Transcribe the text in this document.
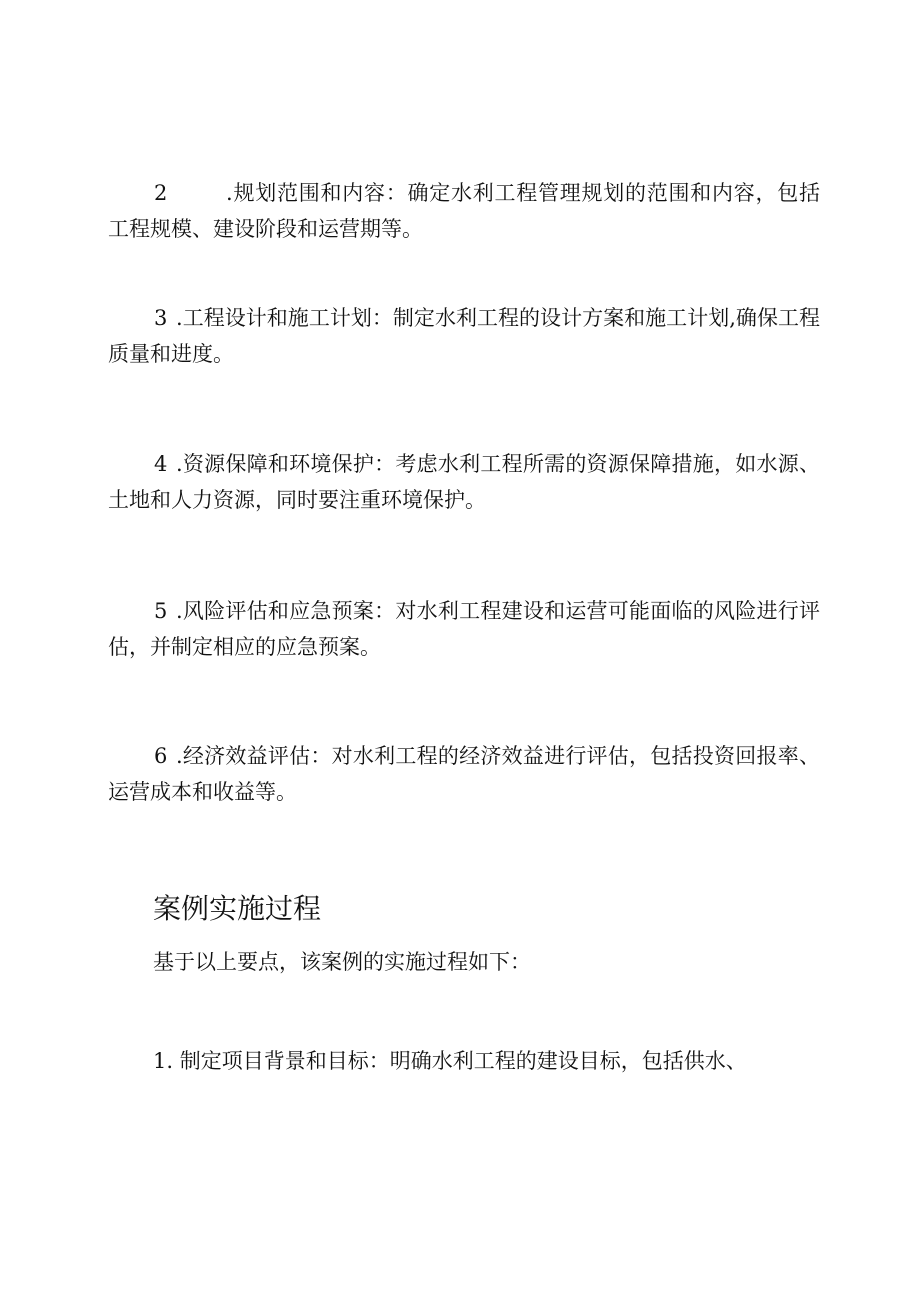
2	.规划范围和内容：确定水利工程管理规划的范围和内容，包括工程规模、建设阶段和运营期等。

3 .工程设计和施工计划：制定水利工程的设计方案和施工计划,确保工程质量和进度。

4 .资源保障和环境保护：考虑水利工程所需的资源保障措施，如水源、土地和人力资源，同时要注重环境保护。

5 .风险评估和应急预案：对水利工程建设和运营可能面临的风险进行评估，并制定相应的应急预案。

6 .经济效益评估：对水利工程的经济效益进行评估，包括投资回报率、运营成本和收益等。

案例实施过程

基于以上要点，该案例的实施过程如下：

1. 制定项目背景和目标：明确水利工程的建设目标，包括供水、
